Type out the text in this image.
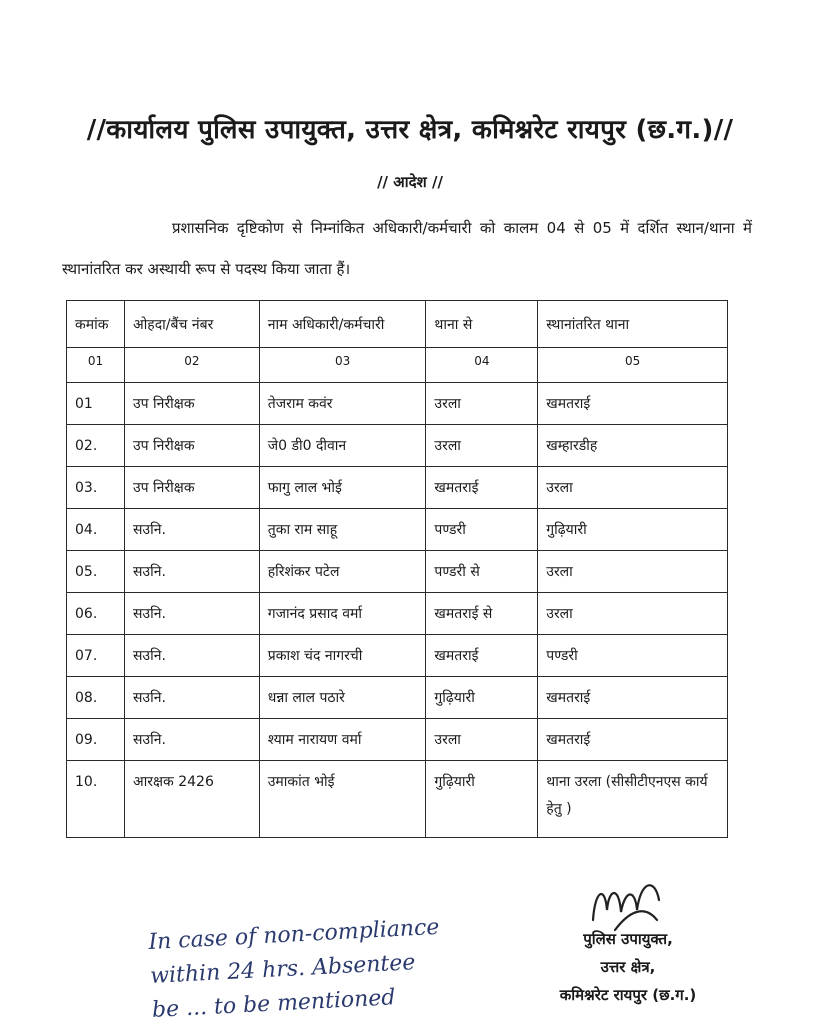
//कार्यालय पुलिस उपायुक्त, उत्तर क्षेत्र, कमिश्नरेट रायपुर (छ.ग.)//
// आदेश //
प्रशासनिक दृष्टिकोण से निम्नांकित अधिकारी/कर्मचारी को कालम 04 से 05 में दर्शित स्थान/थाना में स्थानांतरित कर अस्थायी रूप से पदस्थ किया जाता हैं।
कमांक	ओहदा/बैंच नंबर	नाम अधिकारी/कर्मचारी	थाना से	स्थानांतरित थाना
01	02	03	04	05
01	उप निरीक्षक	तेजराम कवंर	उरला	खमतराई
02.	उप निरीक्षक	जे0 डी0 दीवान	उरला	खम्हारडीह
03.	उप निरीक्षक	फागु लाल भोई	खमतराई	उरला
04.	सउनि.	तुका राम साहू	पण्डरी	गुढ़ियारी
05.	सउनि.	हरिशंकर पटेल	पण्डरी से	उरला
06.	सउनि.	गजानंद प्रसाद वर्मा	खमतराई से	उरला
07.	सउनि.	प्रकाश चंद नागरची	खमतराई	पण्डरी
08.	सउनि.	धन्ना लाल पठारे	गुढ़ियारी	खमतराई
09.	सउनि.	श्याम नारायण वर्मा	उरला	खमतराई
10.	आरक्षक 2426	उमाकांत भोई	गुढ़ियारी	थाना उरला (सीसीटीएनएस कार्य हेतु )
In case of non-compliance
within 24 hrs. Absentee
be ... to be mentioned
पुलिस उपायुक्त,
उत्तर क्षेत्र,
कमिश्नरेट रायपुर (छ.ग.)
